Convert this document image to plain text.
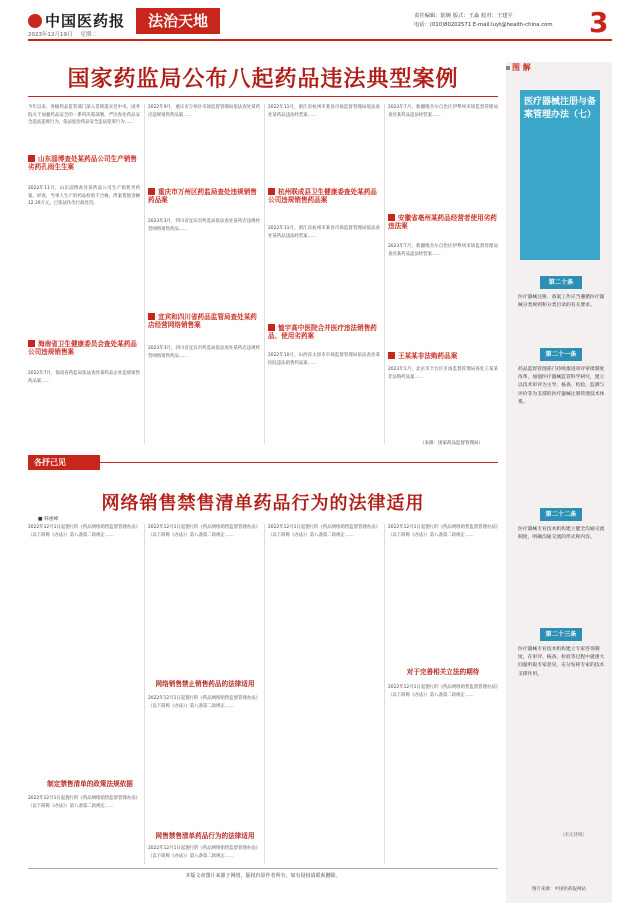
中国医药报	法治天地
2023年12月19日 星期二
责任编辑：陆婉 版式：王淼 校对：王建平
电话：(010)80202571 E-mail:luyt@health-china.com 3
国家药监局公布八起药品违法典型案例
今年以来，各级药品监管部门深入贯彻落实党中央、国务院关于加强药品安全的一系列决策部署，严厉查处药品安全违法违规行为，依法惩治药品安全违法犯罪行为……
山东淄博查处某药品公司生产销售劣药孔雨生生案
2022年11月，山东淄博查处某药品公司生产销售劣药案。经查，当事人生产的药品检验不合格，涉案货值金额12.29万元，已依法作出行政处罚。
海南省卫生健康委员会查处某药品公司违规销售案
2022年7月，海南省药监局依法查处某药品企业违规销售药品案……
2022年9月，重庆市万州区市场监督管理局依法查处某药店违规销售药品案……
重庆市万州区药监局查处违规销售药品案
2023年3月，四川省宜宾市药监局依法查处某药店违规经营网络销售药品……
宜宾和四川省药品监管局查处某药店经营网络销售案
2023年3月，四川省宜宾市药监局依法查处某药店违规经营网络销售药品……
2022年11月，浙江省杭州市某县市场监督管理局依法查处某药品违法经营案……
杭州联成县卫生健康委查处某药品公司违规销售药品案
2022年11月，浙江省杭州市某县市场监督管理局依法查处某药品违法经营案……
恤宇高中医院合并医疗违法销售药品、使用劣药案
2022年10月，山西省太原市市场监督管理局依法查处某医院违法销售药品案……
2023年7月，新疆维吾尔自治区伊犁州市场监督管理局查处某药品违法经营案……
安徽省亳州某药品经营者使用劣药违法案
2023年7月，新疆维吾尔自治区伊犁州市场监督管理局查处某药品违法经营案……
王某某非法购药品案
2023年1月，北京市丰台区市场监督管理局查处王某某非法购药品案……
（来源：国家药品监督管理局）
各抒己见
网络销售禁售清单药品行为的法律适用
■ 韩惠峰
2022年12月1日起施行的《药品网络销售监督管理办法》（以下简称《办法》）第八条第二款规定……
制定禁售清单的政策法规依据
2022年12月1日起施行的《药品网络销售监督管理办法》（以下简称《办法》）第八条第二款规定……
2022年12月1日起施行的《药品网络销售监督管理办法》（以下简称《办法》）第八条第二款规定……
网络销售禁止销售药品的法律适用
2022年12月1日起施行的《药品网络销售监督管理办法》（以下简称《办法》）第八条第二款规定……
网售禁售清单药品行为的法律适用
2022年12月1日起施行的《药品网络销售监督管理办法》（以下简称《办法》）第八条第二款规定……
2022年12月1日起施行的《药品网络销售监督管理办法》（以下简称《办法》）第八条第二款规定……
2022年12月1日起施行的《药品网络销售监督管理办法》（以下简称《办法》）第八条第二款规定……
对于完善相关立法的期待
2022年12月1日起施行的《药品网络销售监督管理办法》（以下简称《办法》）第八条第二款规定……
本版文章图片来源于网络，版权归原作者所有，如有侵权请联系删除。
图 解
医疗器械注册与备案管理办法（七）
第二十条
医疗器械注册、备案工作应当遵循医疗器械分类规则和分类目录的有关要求。
第二十一条
药品监督管理部门持续推进审评审批制度改革，加强医疗器械监管科学研究，建立以技术审评为主导，核查、检验、监测与评价等为支撑的医疗器械注册管理技术体系。
第二十二条
医疗器械专业技术机构建立健全沟通交流制度，明确沟通交流的形式和内容。
第二十三条
医疗器械专业技术机构建立专家咨询制度，在审评、核查、检验等过程中就重大问题听取专家意见，充分发挥专家的技术支撑作用。
（未完待续）
图片来源：中国医药报网站
